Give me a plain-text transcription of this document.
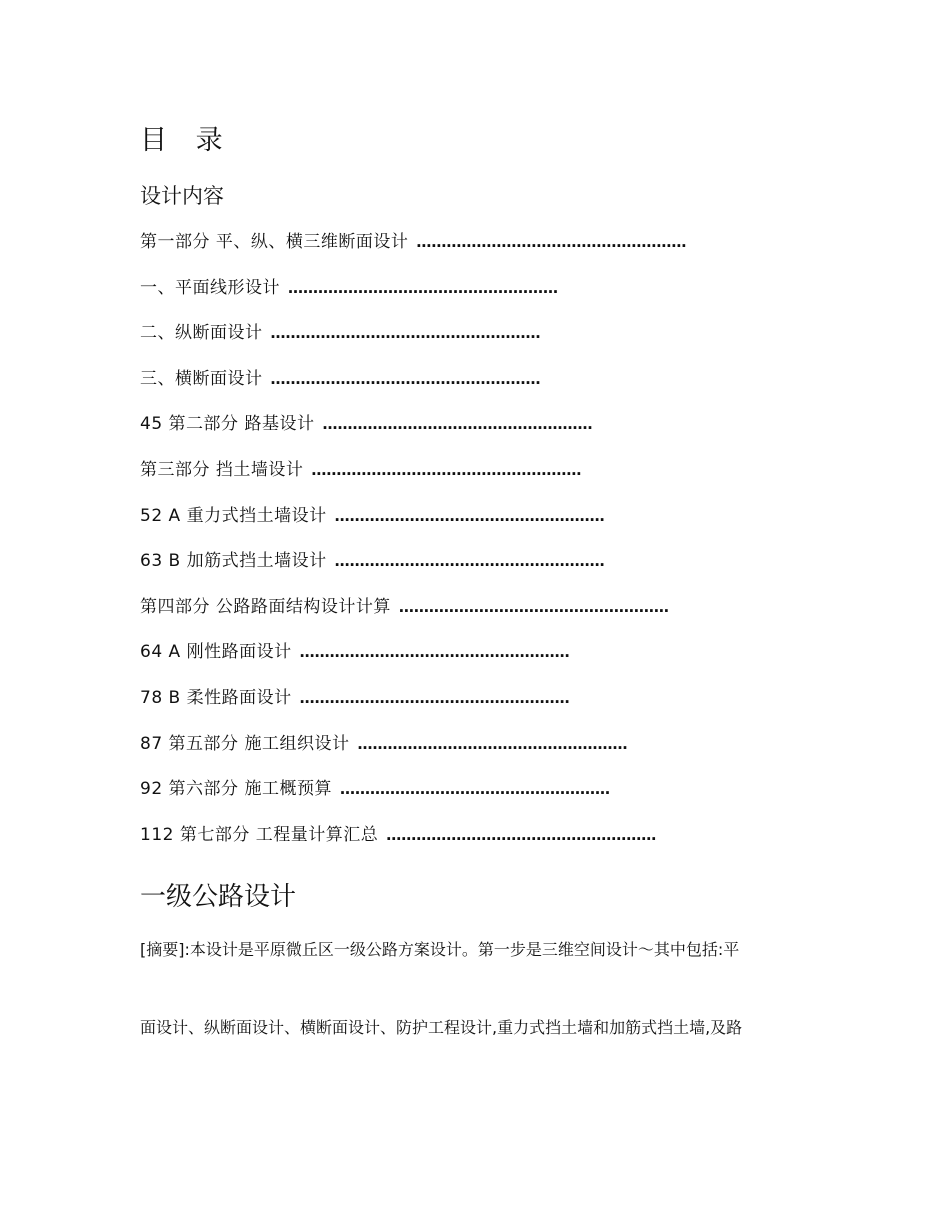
目 录
设计内容
第一部分 平、纵、横三维断面设计 ………………………………………………
一、平面线形设计 ………………………………………………
二、纵断面设计 ………………………………………………
三、横断面设计 ………………………………………………
45 第二部分 路基设计 ………………………………………………
第三部分 挡土墙设计 ………………………………………………
52 A 重力式挡土墙设计 ………………………………………………
63 B 加筋式挡土墙设计 ………………………………………………
第四部分 公路路面结构设计计算 ………………………………………………
64 A 刚性路面设计 ………………………………………………
78 B 柔性路面设计 ………………………………………………
87 第五部分 施工组织设计 ………………………………………………
92 第六部分 施工概预算 ………………………………………………
112 第七部分 工程量计算汇总 ………………………………………………
一级公路设计

[摘要]:本设计是平原微丘区一级公路方案设计。第一步是三维空间设计～其中包括:平

面设计、纵断面设计、横断面设计、防护工程设计,重力式挡土墙和加筋式挡土墙,及路
